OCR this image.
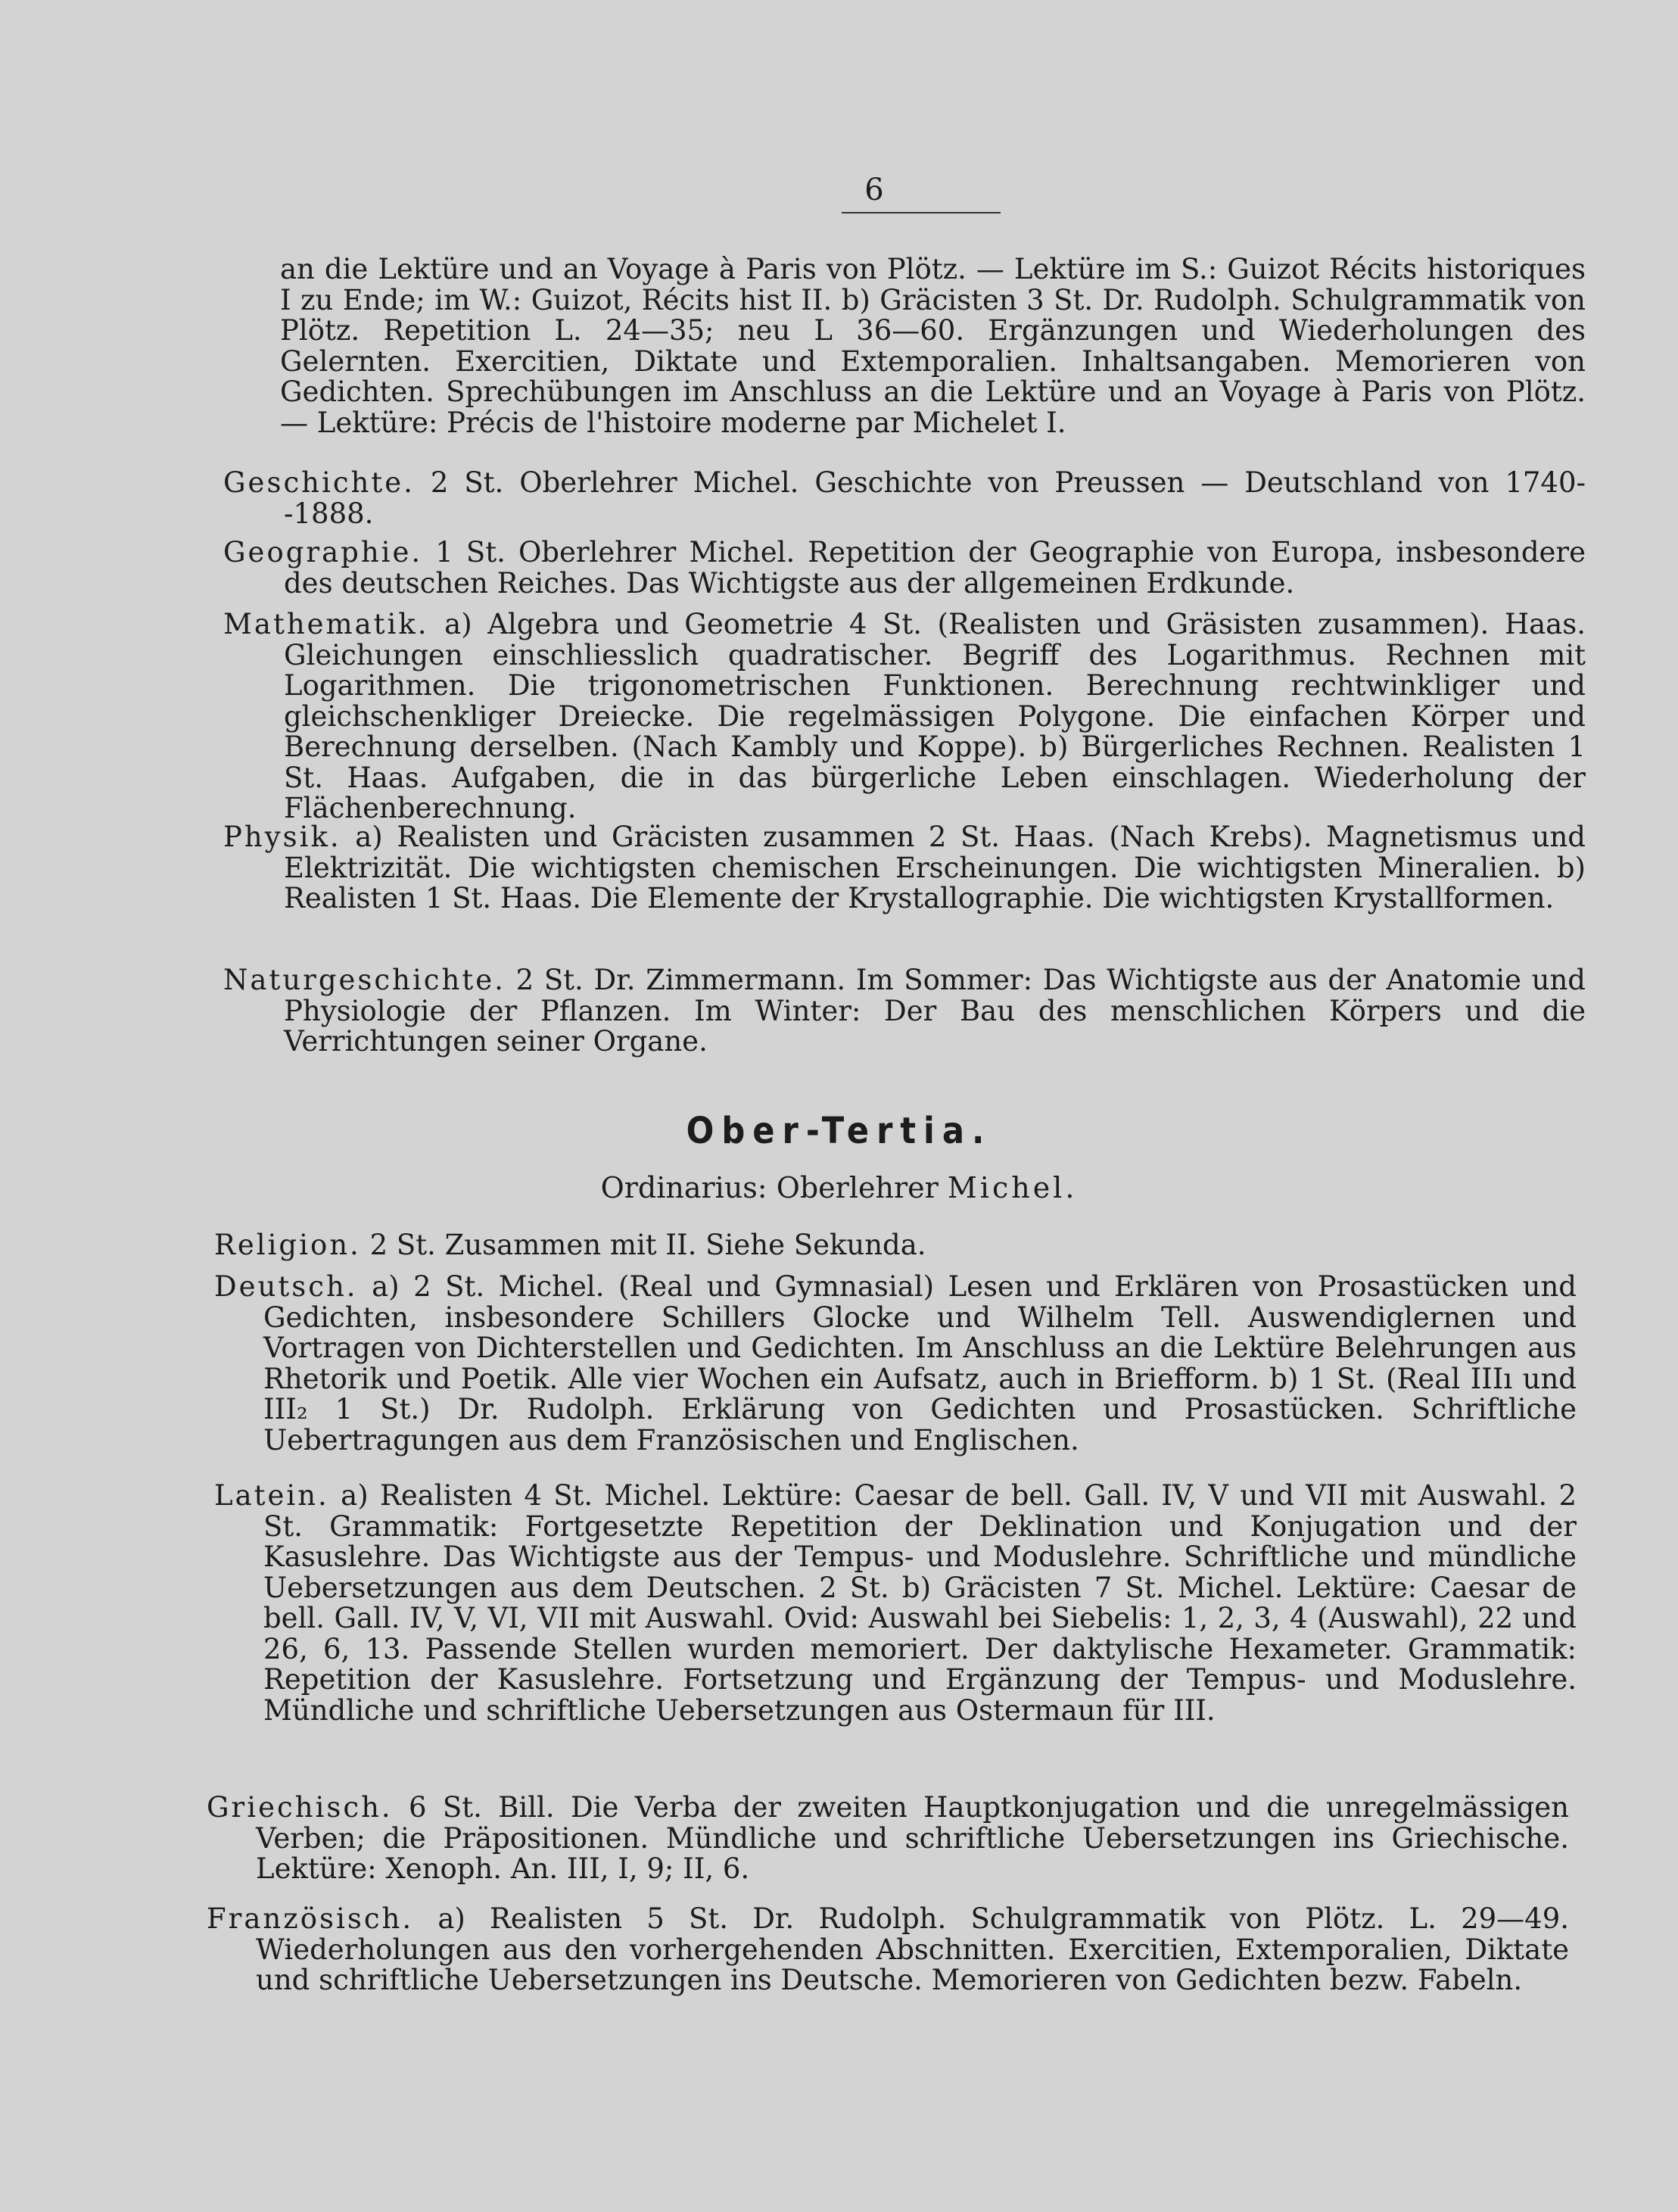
6

an die Lektüre und an Voyage à Paris von Plötz. — Lektüre im S.: Guizot Récits historiques I zu Ende; im W.: Guizot, Récits hist II. b) Gräcisten 3 St. Dr. Rudolph. Schulgrammatik von Plötz. Repetition L. 24—35; neu L 36—60. Ergänzungen und Wiederholungen des Gelernten. Exercitien, Diktate und Extemporalien. Inhaltsangaben. Memorieren von Gedichten. Sprechübungen im Anschluss an die Lektüre und an Voyage à Paris von Plötz. — Lektüre: Précis de l'histoire moderne par Michelet I.

Geschichte. 2 St. Oberlehrer Michel. Geschichte von Preussen — Deutschland von 1740--1888.

Geographie. 1 St. Oberlehrer Michel. Repetition der Geographie von Europa, insbesondere des deutschen Reiches. Das Wichtigste aus der allgemeinen Erdkunde.

Mathematik. a) Algebra und Geometrie 4 St. (Realisten und Gräsisten zusammen). Haas. Gleichungen einschliesslich quadratischer. Begriff des Logarithmus. Rechnen mit Logarithmen. Die trigonometrischen Funktionen. Berechnung rechtwinkliger und gleichschenkliger Dreiecke. Die regelmässigen Polygone. Die einfachen Körper und Berechnung derselben. (Nach Kambly und Koppe). b) Bürgerliches Rechnen. Realisten 1 St. Haas. Aufgaben, die in das bürgerliche Leben einschlagen. Wiederholung der Flächenberechnung.

Physik. a) Realisten und Gräcisten zusammen 2 St. Haas. (Nach Krebs). Magnetismus und Elektrizität. Die wichtigsten chemischen Erscheinungen. Die wichtigsten Mineralien. b) Realisten 1 St. Haas. Die Elemente der Krystallographie. Die wichtigsten Krystallformen.

Naturgeschichte. 2 St. Dr. Zimmermann. Im Sommer: Das Wichtigste aus der Anatomie und Physiologie der Pflanzen. Im Winter: Der Bau des menschlichen Körpers und die Verrichtungen seiner Organe.

Ober-Tertia.
Ordinarius: Oberlehrer Michel.

Religion. 2 St. Zusammen mit II. Siehe Sekunda.

Deutsch. a) 2 St. Michel. (Real und Gymnasial) Lesen und Erklären von Prosastücken und Gedichten, insbesondere Schillers Glocke und Wilhelm Tell. Auswendiglernen und Vortragen von Dichterstellen und Gedichten. Im Anschluss an die Lektüre Belehrungen aus Rhetorik und Poetik. Alle vier Wochen ein Aufsatz, auch in Briefform. b) 1 St. (Real IIIı und III₂ 1 St.) Dr. Rudolph. Erklärung von Gedichten und Prosastücken. Schriftliche Uebertragungen aus dem Französischen und Englischen.

Latein. a) Realisten 4 St. Michel. Lektüre: Caesar de bell. Gall. IV, V und VII mit Auswahl. 2 St. Grammatik: Fortgesetzte Repetition der Deklination und Konjugation und der Kasuslehre. Das Wichtigste aus der Tempus- und Moduslehre. Schriftliche und mündliche Uebersetzungen aus dem Deutschen. 2 St. b) Gräcisten 7 St. Michel. Lektüre: Caesar de bell. Gall. IV, V, VI, VII mit Auswahl. Ovid: Auswahl bei Siebelis: 1, 2, 3, 4 (Auswahl), 22 und 26, 6, 13. Passende Stellen wurden memoriert. Der daktylische Hexameter. Grammatik: Repetition der Kasuslehre. Fortsetzung und Ergänzung der Tempus- und Moduslehre. Mündliche und schriftliche Uebersetzungen aus Ostermaun für III.

Griechisch. 6 St. Bill. Die Verba der zweiten Hauptkonjugation und die unregelmässigen Verben; die Präpositionen. Mündliche und schriftliche Uebersetzungen ins Griechische. Lektüre: Xenoph. An. III, I, 9; II, 6.

Französisch. a) Realisten 5 St. Dr. Rudolph. Schulgrammatik von Plötz. L. 29—49. Wiederholungen aus den vorhergehenden Abschnitten. Exercitien, Extemporalien, Diktate und schriftliche Uebersetzungen ins Deutsche. Memorieren von Gedichten bezw. Fabeln.
